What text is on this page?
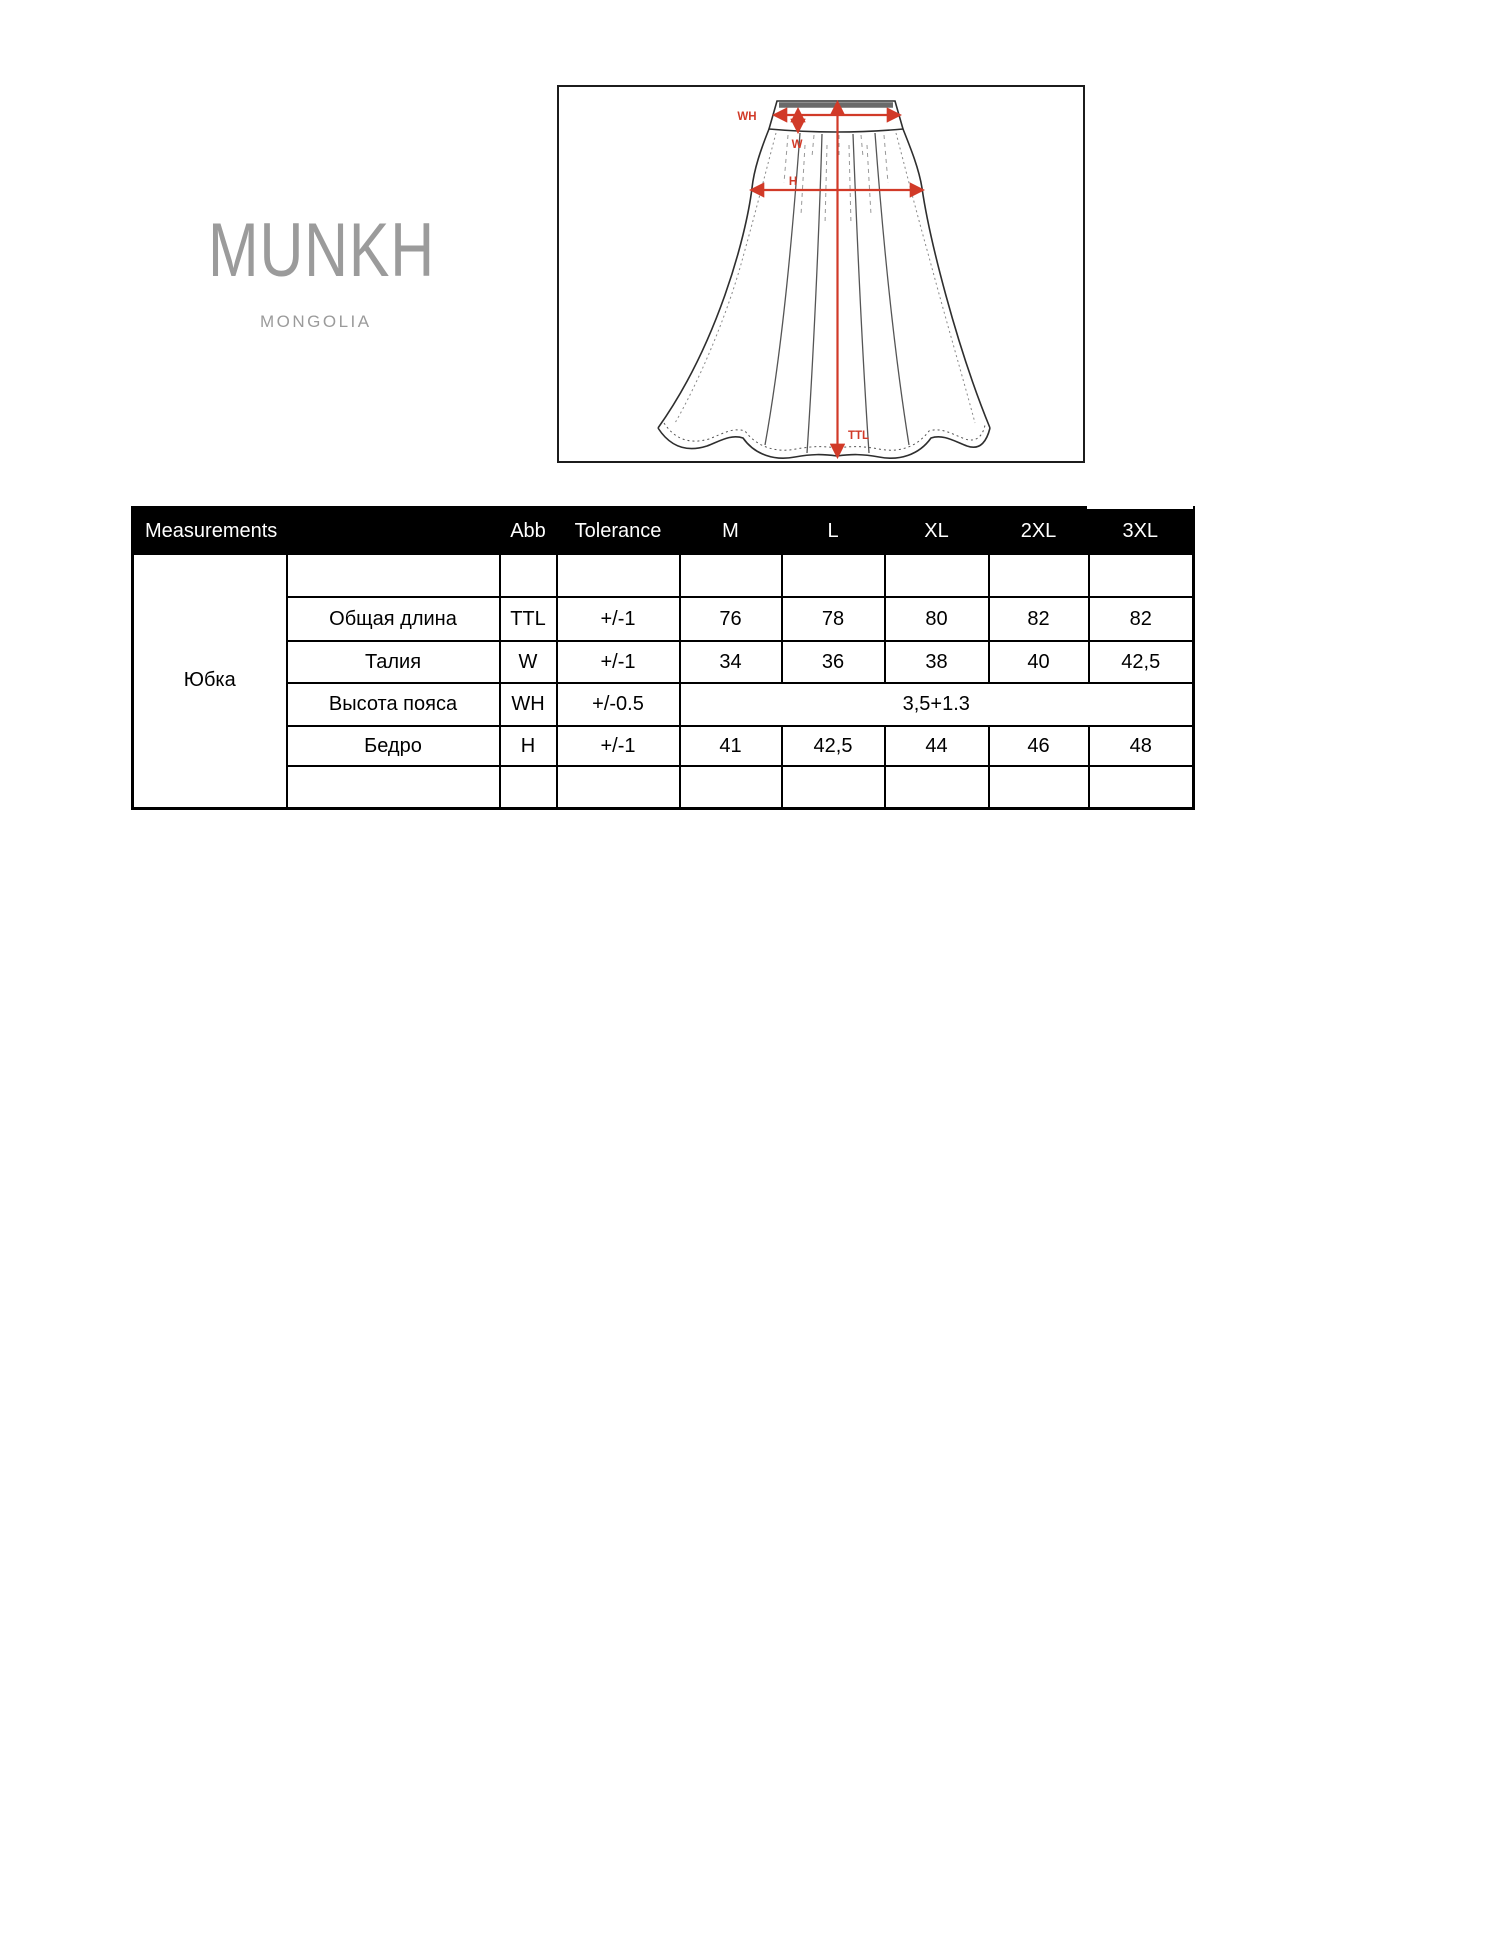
MUNKH
MONGOLIA
WH
W
H
TTL
Measurements		Abb	Tolerance	M	L	XL	2XL	3XL
Юбка								
	Общая длина	TTL	+/-1	76	78	80	82	82
	Талия	W	+/-1	34	36	38	40	42,5
	Высота пояса	WH	+/-0.5	3,5+1.3				
	Бедро	H	+/-1	41	42,5	44	46	48
